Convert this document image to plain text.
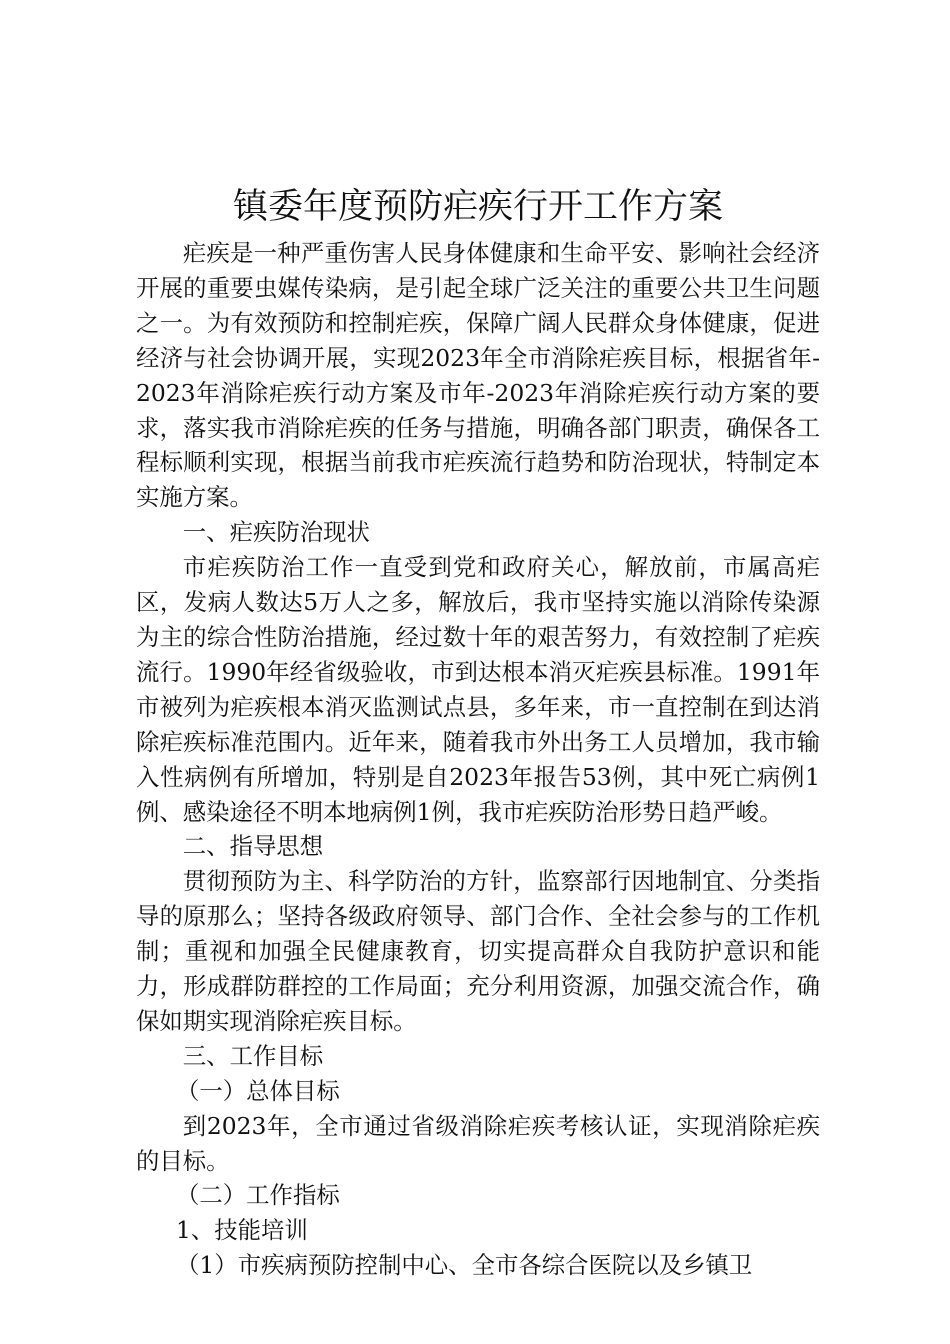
镇委年度预防疟疾行开工作方案

疟疾是一种严重伤害人民身体健康和生命平安、影响社会经济开展的重要虫媒传染病，是引起全球广泛关注的重要公共卫生问题之一。为有效预防和控制疟疾，保障广阔人民群众身体健康，促进经济与社会协调开展，实现2023年全市消除疟疾目标，根据省年-2023年消除疟疾行动方案及市年-2023年消除疟疾行动方案的要求，落实我市消除疟疾的任务与措施，明确各部门职责，确保各工程标顺利实现，根据当前我市疟疾流行趋势和防治现状，特制定本实施方案。

一、疟疾防治现状

市疟疾防治工作一直受到党和政府关心，解放前，市属高疟区，发病人数达5万人之多，解放后，我市坚持实施以消除传染源为主的综合性防治措施，经过数十年的艰苦努力，有效控制了疟疾流行。1990年经省级验收，市到达根本消灭疟疾县标准。1991年市被列为疟疾根本消灭监测试点县，多年来，市一直控制在到达消除疟疾标准范围内。近年来，随着我市外出务工人员增加，我市输入性病例有所增加，特别是自2023年报告53例，其中死亡病例1例、感染途径不明本地病例1例，我市疟疾防治形势日趋严峻。

二、指导思想

贯彻预防为主、科学防治的方针，监察部行因地制宜、分类指导的原那么；坚持各级政府领导、部门合作、全社会参与的工作机制；重视和加强全民健康教育，切实提高群众自我防护意识和能力，形成群防群控的工作局面；充分利用资源，加强交流合作，确保如期实现消除疟疾目标。

三、工作目标

（一）总体目标

到2023年，全市通过省级消除疟疾考核认证，实现消除疟疾的目标。

（二）工作指标

1、技能培训

（1）市疾病预防控制中心、全市各综合医院以及乡镇卫
